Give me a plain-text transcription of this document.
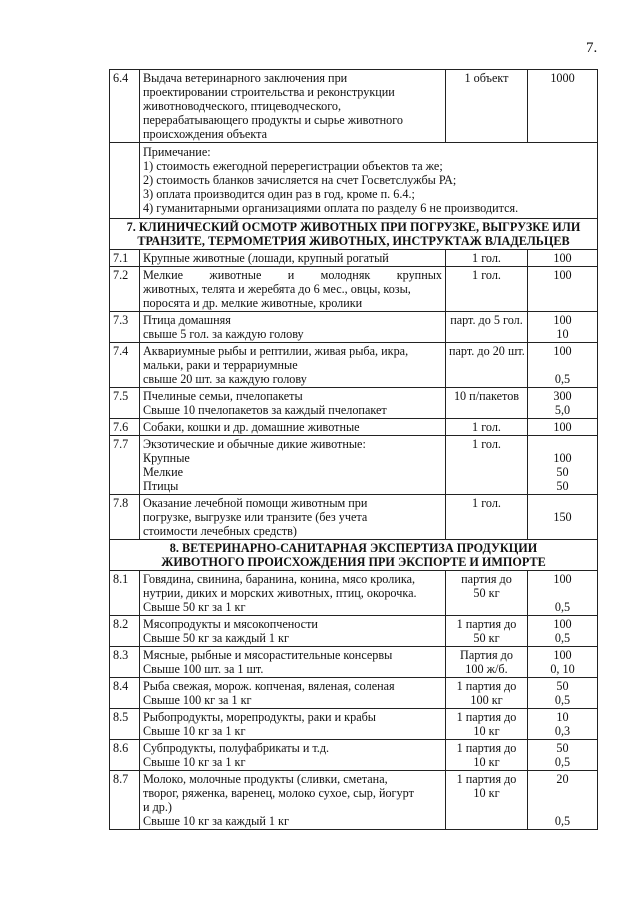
7.
6.4	Выдача ветеринарного заключения при
проектировании строительства и реконструкции
животноводческого, птицеводческого,
перерабатывающего продукты и сырье животного
происхождения объекта	1 объект	1000

	Примечание:
1) стоимость ежегодной перерегистрации объектов та же;
2) стоимость бланков зачисляется на счет Госветслужбы РА;
3) оплата производится один раз в год, кроме п. 6.4.;
4) гуманитарными организациями оплата по разделу 6 не производится.		

7. КЛИНИЧЕСКИЙ ОСМОТР ЖИВОТНЫХ ПРИ ПОГРУЗКЕ, ВЫГРУЗКЕ ИЛИ
ТРАНЗИТЕ, ТЕРМОМЕТРИЯ ЖИВОТНЫХ, ИНСТРУКТАЖ ВЛАДЕЛЬЦЕВ			

7.1	Крупные животные (лошади, крупный рогатый	1 гол.	100

7.2	Мелкие животные и молодняк крупных
животных, телята и жеребята до 6 мес., овцы, козы,
поросята и др. мелкие животные, кролики	1 гол.	100

7.3	Птица домашняя
свыше 5 гол. за каждую голову	парт. до 5 гол.	100
10

7.4	Аквариумные рыбы и рептилии, живая рыба, икра,
мальки, раки и террариумные
свыше 20 шт. за каждую голову	парт. до 20 шт.	100
0,5

7.5	Пчелиные семьи, пчелопакеты
Свыше 10 пчелопакетов за каждый пчелопакет	10 п/пакетов	300
5,0

7.6	Собаки, кошки и др. домашние животные	1 гол.	100

7.7	Экзотические и обычные дикие животные:
Крупные
Мелкие
Птицы	1 гол.	100
50
50

7.8	Оказание лечебной помощи животным при
погрузке, выгрузке или транзите (без учета
стоимости лечебных средств)	1 гол.	150

8. ВЕТЕРИНАРНО-САНИТАРНАЯ ЭКСПЕРТИЗА ПРОДУКЦИИ
ЖИВОТНОГО ПРОИСХОЖДЕНИЯ ПРИ ЭКСПОРТЕ И ИМПОРТЕ			

8.1	Говядина, свинина, баранина, конина, мясо кролика,
нутрии, диких и морских животных, птиц, окорочка.
Свыше 50 кг за 1 кг	партия до
50 кг	100
0,5

8.2	Мясопродукты и мясокопчености
Свыше 50 кг за каждый 1 кг	1 партия до
50 кг	100
0,5

8.3	Мясные, рыбные и мясорастительные консервы
Свыше 100 шт. за 1 шт.	Партия до
100 ж/б.	100
0, 10

8.4	Рыба свежая, морож. копченая, вяленая, соленая
Свыше 100 кг за 1 кг	1 партия до
100 кг	50
0,5

8.5	Рыбопродукты, морепродукты, раки и крабы
Свыше 10 кг за 1 кг	1 партия до
10 кг	10
0,3

8.6	Субпродукты, полуфабрикаты и т.д.
Свыше 10 кг за 1 кг	1 партия до
10 кг	50
0,5

8.7	Молоко, молочные продукты (сливки, сметана,
творог, ряженка, варенец, молоко сухое, сыр, йогурт
и др.)
Свыше 10 кг за каждый 1 кг	1 партия до
10 кг	20
0,5
